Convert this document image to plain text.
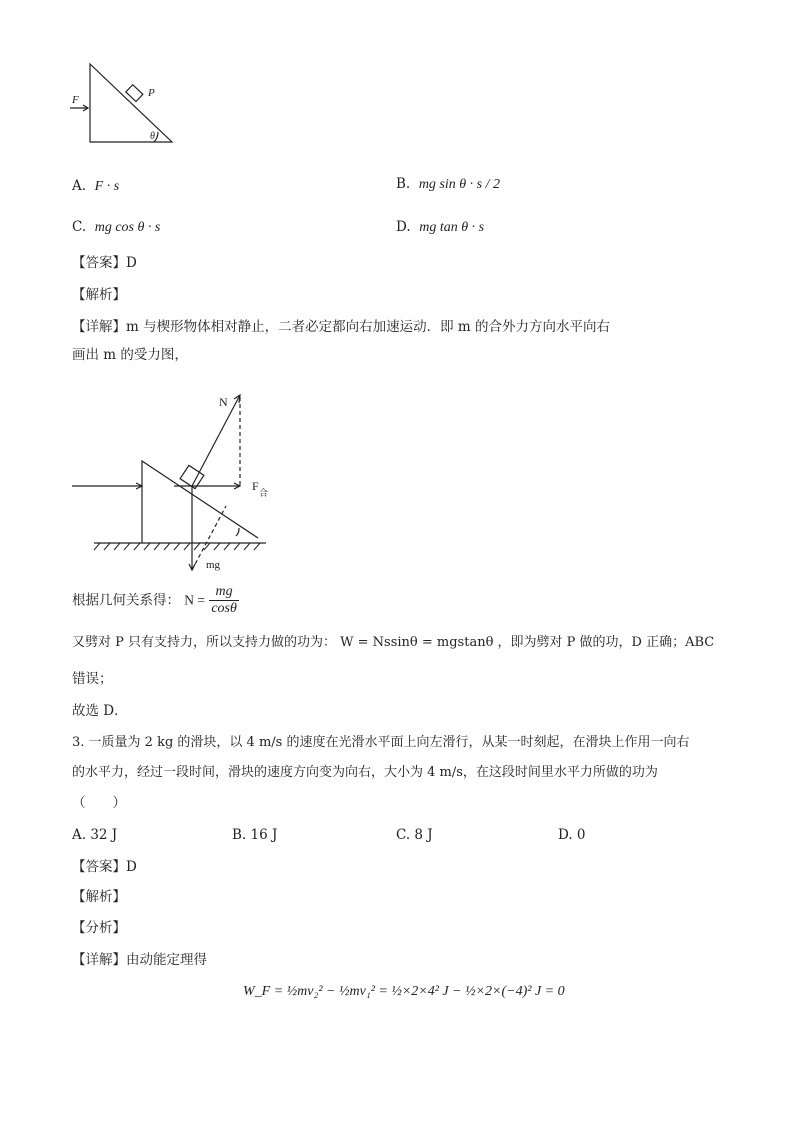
F
P
θ
A. F · s	B. mg sin θ · s / 2
C. mg cos θ · s	D. mg tan θ · s
【答案】D
【解析】
【详解】m 与楔形物体相对静止，二者必定都向右加速运动．即 m 的合外力方向水平向右
画出 m 的受力图，
N
F 合
mg
根据几何关系得： $N = \frac{mg}{\cos\theta}$
又劈对 P 只有支持力，所以支持力做的功为： W = Nssinθ = mgstanθ ，即为劈对 P 做的功，D 正确；ABC
错误；
故选 D．
3. 一质量为 2 kg 的滑块，以 4 m/s 的速度在光滑水平面上向左滑行，从某一时刻起，在滑块上作用一向右
的水平力，经过一段时间，滑块的速度方向变为向右，大小为 4 m/s，在这段时间里水平力所做的功为
（　　）
A. 32 J	B. 16 J	C. 8 J	D. 0
【答案】D
【解析】
【分析】
【详解】由动能定理得
W_F = ½mv₂² − ½mv₁² = ½×2×4² J − ½×2×(−4)² J = 0
